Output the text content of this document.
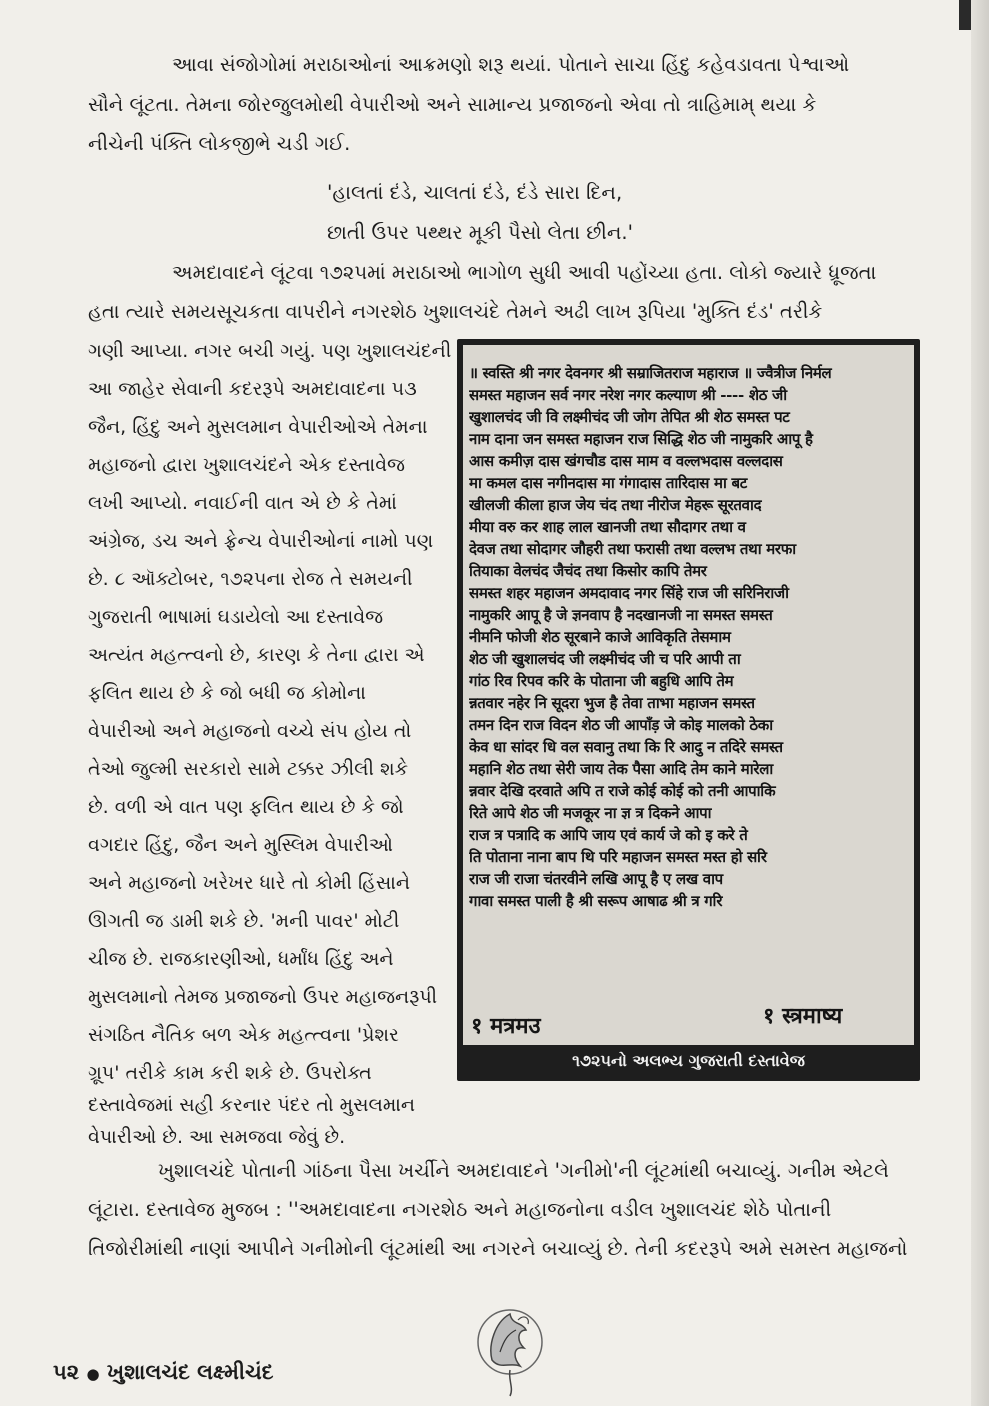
આવા સંજોગોમાં મરાઠાઓનાં આક્રમણો શરૂ થયાં. પોતાને સાચા હિંદુ કહેવડાવતા પેશ્વાઓ

સૌને લૂંટતા. તેમના જોરજુલમોથી વેપારીઓ અને સામાન્ય પ્રજાજનો એવા તો ત્રાહિમામ્ થયા કે

નીચેની પંક્તિ લોકજીભે ચડી ગઈ.

'હાલતાં દંડે, ચાલતાં દંડે, દંડે સારા દિન,

છાતી ઉપર પથ્થર મૂકી પૈસો લેતા છીન.'

અમદાવાદને લૂંટવા ૧૭૨૫માં મરાઠાઓ ભાગોળ સુધી આવી પહોંચ્યા હતા. લોકો જ્યારે ધ્રૂજતા

હતા ત્યારે સમયસૂચકતા વાપરીને નગરશેઠ ખુશાલચંદે તેમને અઢી લાખ રૂપિયા 'મુક્તિ દંડ' તરીકે

ગણી આપ્યા. નગર બચી ગયું. પણ ખુશાલચંદની

આ જાહેર સેવાની કદરરૂપે અમદાવાદના ૫૩

જૈન, હિંદુ અને મુસલમાન વેપારીઓએ તેમના

મહાજનો દ્વારા ખુશાલચંદને એક દસ્તાવેજ

લખી આપ્યો. નવાઈની વાત એ છે કે તેમાં

અંગ્રેજ, ડચ અને ફ્રેન્ચ વેપારીઓનાં નામો પણ

છે. ૮ ઑક્ટોબર, ૧૭૨૫ના રોજ તે સમયની

ગુજરાતી ભાષામાં ઘડાયેલો આ દસ્તાવેજ

અત્યંત મહત્ત્વનો છે, કારણ કે તેના દ્વારા એ

ફલિત થાય છે કે જો બધી જ કોમોના

વેપારીઓ અને મહાજનો વચ્ચે સંપ હોય તો

તેઓ જુલ્મી સરકારો સામે ટક્કર ઝીલી શકે

છે. વળી એ વાત પણ ફલિત થાય છે કે જો

વગદાર હિંદુ, જૈન અને મુસ્લિમ વેપારીઓ

અને મહાજનો ખરેખર ધારે તો કોમી હિંસાને

ઊગતી જ ડામી શકે છે. 'મની પાવર' મોટી

ચીજ છે. રાજકારણીઓ, ધર્માંધ હિંદુ અને

મુસલમાનો તેમજ પ્રજાજનો ઉપર મહાજનરૂપી

સંગઠિત નૈતિક બળ એક મહત્ત્વના 'પ્રેશર

ગ્રૂપ' તરીકે કામ કરી શકે છે. ઉપરોક્ત

દસ્તાવેજમાં સહી કરનાર પંદર તો મુસલમાન

વેપારીઓ છે. આ સમજવા જેવું છે.

॥ स्वस्ति श्री नगर देवनगर श्री सम्राजितराज महाराज ॥ ज्वैत्रीज निर्मल
समस्त महाजन सर्व नगर नरेश नगर कल्याण श्री ---- शेठ जी
खुशालचंद जी वि लक्ष्मीचंद जी जोग तेपित श्री शेठ समस्त पट
नाम दाना जन समस्त महाजन राज सिद्धि शेठ जी नामुकरि आपू है
आस कमीज़ दास खंगचौड दास माम व वल्लभदास वल्लदास
मा कमल दास नगीनदास मा गंगादास तारिदास मा बट
खीलजी कीला हाज जेय चंद तथा नीरोज मेहरू सूरतवाद
मीया वरु कर शाह लाल खानजी तथा सौदागर तथा व
देवज तथा सोदागर जौहरी तथा फरासी तथा वल्लभ तथा मरफा
तियाका वेलचंद जैचंद तथा किसोर कापि तेमर
समस्त शहर महाजन अमदावाद नगर सिंहे राज जी सरिनिराजी
नामुकरि आपू है जे ज्ञनवाप है नदखानजी ना समस्त समस्त
नीमनि फोजी शेठ सूरबाने काजे आविकृति तेसमाम
शेठ जी खुशालचंद जी लक्ष्मीचंद जी च परि आपी ता
गांठ रिव रिपव करि के पोताना जी बहुधि आपि तेम
न्नतवार नहेर नि सूदरा भुज है तेवा ताभा महाजन समस्त
तमन दिन राज विदन शेठ जी आपाँड़ जे कोइ मालको ठेका
केव धा सांदर धि वल सवानु तथा कि रि आदु न तदिरे समस्त
महानि शेठ तथा सेरी जाय तेक पैसा आदि तेम काने मारेला
न्नवार देखि दरवाते अपि त राजे कोई कोई को तनी आपाकि
रिते आपे शेठ जी मजकूर ना ज्ञ त्र दिकने आपा
राज त्र पत्रादि क आपि जाय एवं कार्य जे को इ करे ते
ति पोताना नाना बाप थि परि महाजन समस्त मस्त हो सरि
राज जी राजा चंतरवीने लखि आपू है ए लख वाप
गावा समस्त पाली है श्री सरूप आषाढ श्री त्र गरि
१ मत्रमउ	१ स्त्रमाष्य
૧૭૨૫નો અલભ્ય ગુજરાતી દસ્તાવેજ

ખુશાલચંદે પોતાની ગાંઠના પૈસા ખર્ચીને અમદાવાદને 'ગનીમો'ની લૂંટમાંથી બચાવ્યું. ગનીમ એટલે

લૂંટારા. દસ્તાવેજ મુજબ : ''અમદાવાદના નગરશેઠ અને મહાજનોના વડીલ ખુશાલચંદ શેઠે પોતાની

તિજોરીમાંથી નાણાં આપીને ગનીમોની લૂંટમાંથી આ નગરને બચાવ્યું છે. તેની કદરરૂપે અમે સમસ્ત મહાજનો

૫૨ ● ખુશાલચંદ લક્ષ્મીચંદ
